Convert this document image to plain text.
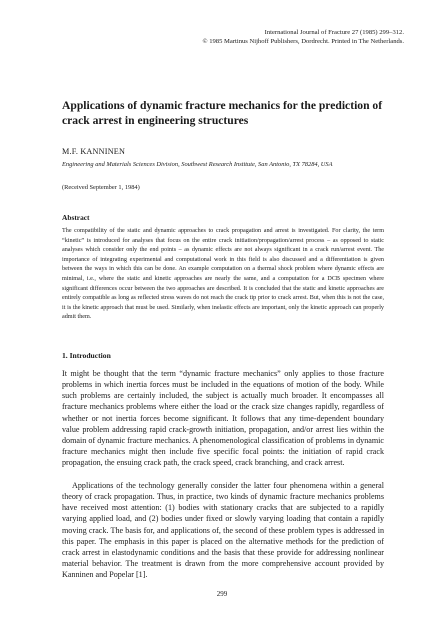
International Journal of Fracture 27 (1985) 299–312.
© 1985 Martinus Nijhoff Publishers, Dordrecht. Printed in The Netherlands.
Applications of dynamic fracture mechanics for the prediction of crack arrest in engineering structures
M.F. KANNINEN
Engineering and Materials Sciences Division, Southwest Research Institute, San Antonio, TX 78284, USA
(Received September 1, 1984)
Abstract
The compatibility of the static and dynamic approaches to crack propagation and arrest is investigated. For clarity, the term “kinetic” is introduced for analyses that focus on the entire crack initiation/propagation/arrest process – as opposed to static analyses which consider only the end points – as dynamic effects are not always significant in a crack run/arrest event. The importance of integrating experimental and computational work in this field is also discussed and a differentiation is given between the ways in which this can be done. An example computation on a thermal shock problem where dynamic effects are minimal, i.e., where the static and kinetic approaches are nearly the same, and a computation for a DCB specimen where significant differences occur between the two approaches are described. It is concluded that the static and kinetic approaches are entirely compatible as long as reflected stress waves do not reach the crack tip prior to crack arrest. But, when this is not the case, it is the kinetic approach that must be used. Similarly, when inelastic effects are important, only the kinetic approach can properly admit them.
1. Introduction
It might be thought that the term “dynamic fracture mechanics” only applies to those fracture problems in which inertia forces must be included in the equations of motion of the body. While such problems are certainly included, the subject is actually much broader. It encompasses all fracture mechanics problems where either the load or the crack size changes rapidly, regardless of whether or not inertia forces become significant. It follows that any time-dependent boundary value problem addressing rapid crack-growth initiation, propagation, and/or arrest lies within the domain of dynamic fracture mechanics. A phenomenological classification of problems in dynamic fracture mechanics might then include five specific focal points: the initiation of rapid crack propagation, the ensuing crack path, the crack speed, crack branching, and crack arrest.
Applications of the technology generally consider the latter four phenomena within a general theory of crack propagation. Thus, in practice, two kinds of dynamic fracture mechanics problems have received most attention: (1) bodies with stationary cracks that are subjected to a rapidly varying applied load, and (2) bodies under fixed or slowly varying loading that contain a rapidly moving crack. The basis for, and applications of, the second of these problem types is addressed in this paper. The emphasis in this paper is placed on the alternative methods for the prediction of crack arrest in elastodynamic conditions and the basis that these provide for addressing nonlinear material behavior. The treatment is drawn from the more comprehensive account provided by Kanninen and Popelar [1].
299
